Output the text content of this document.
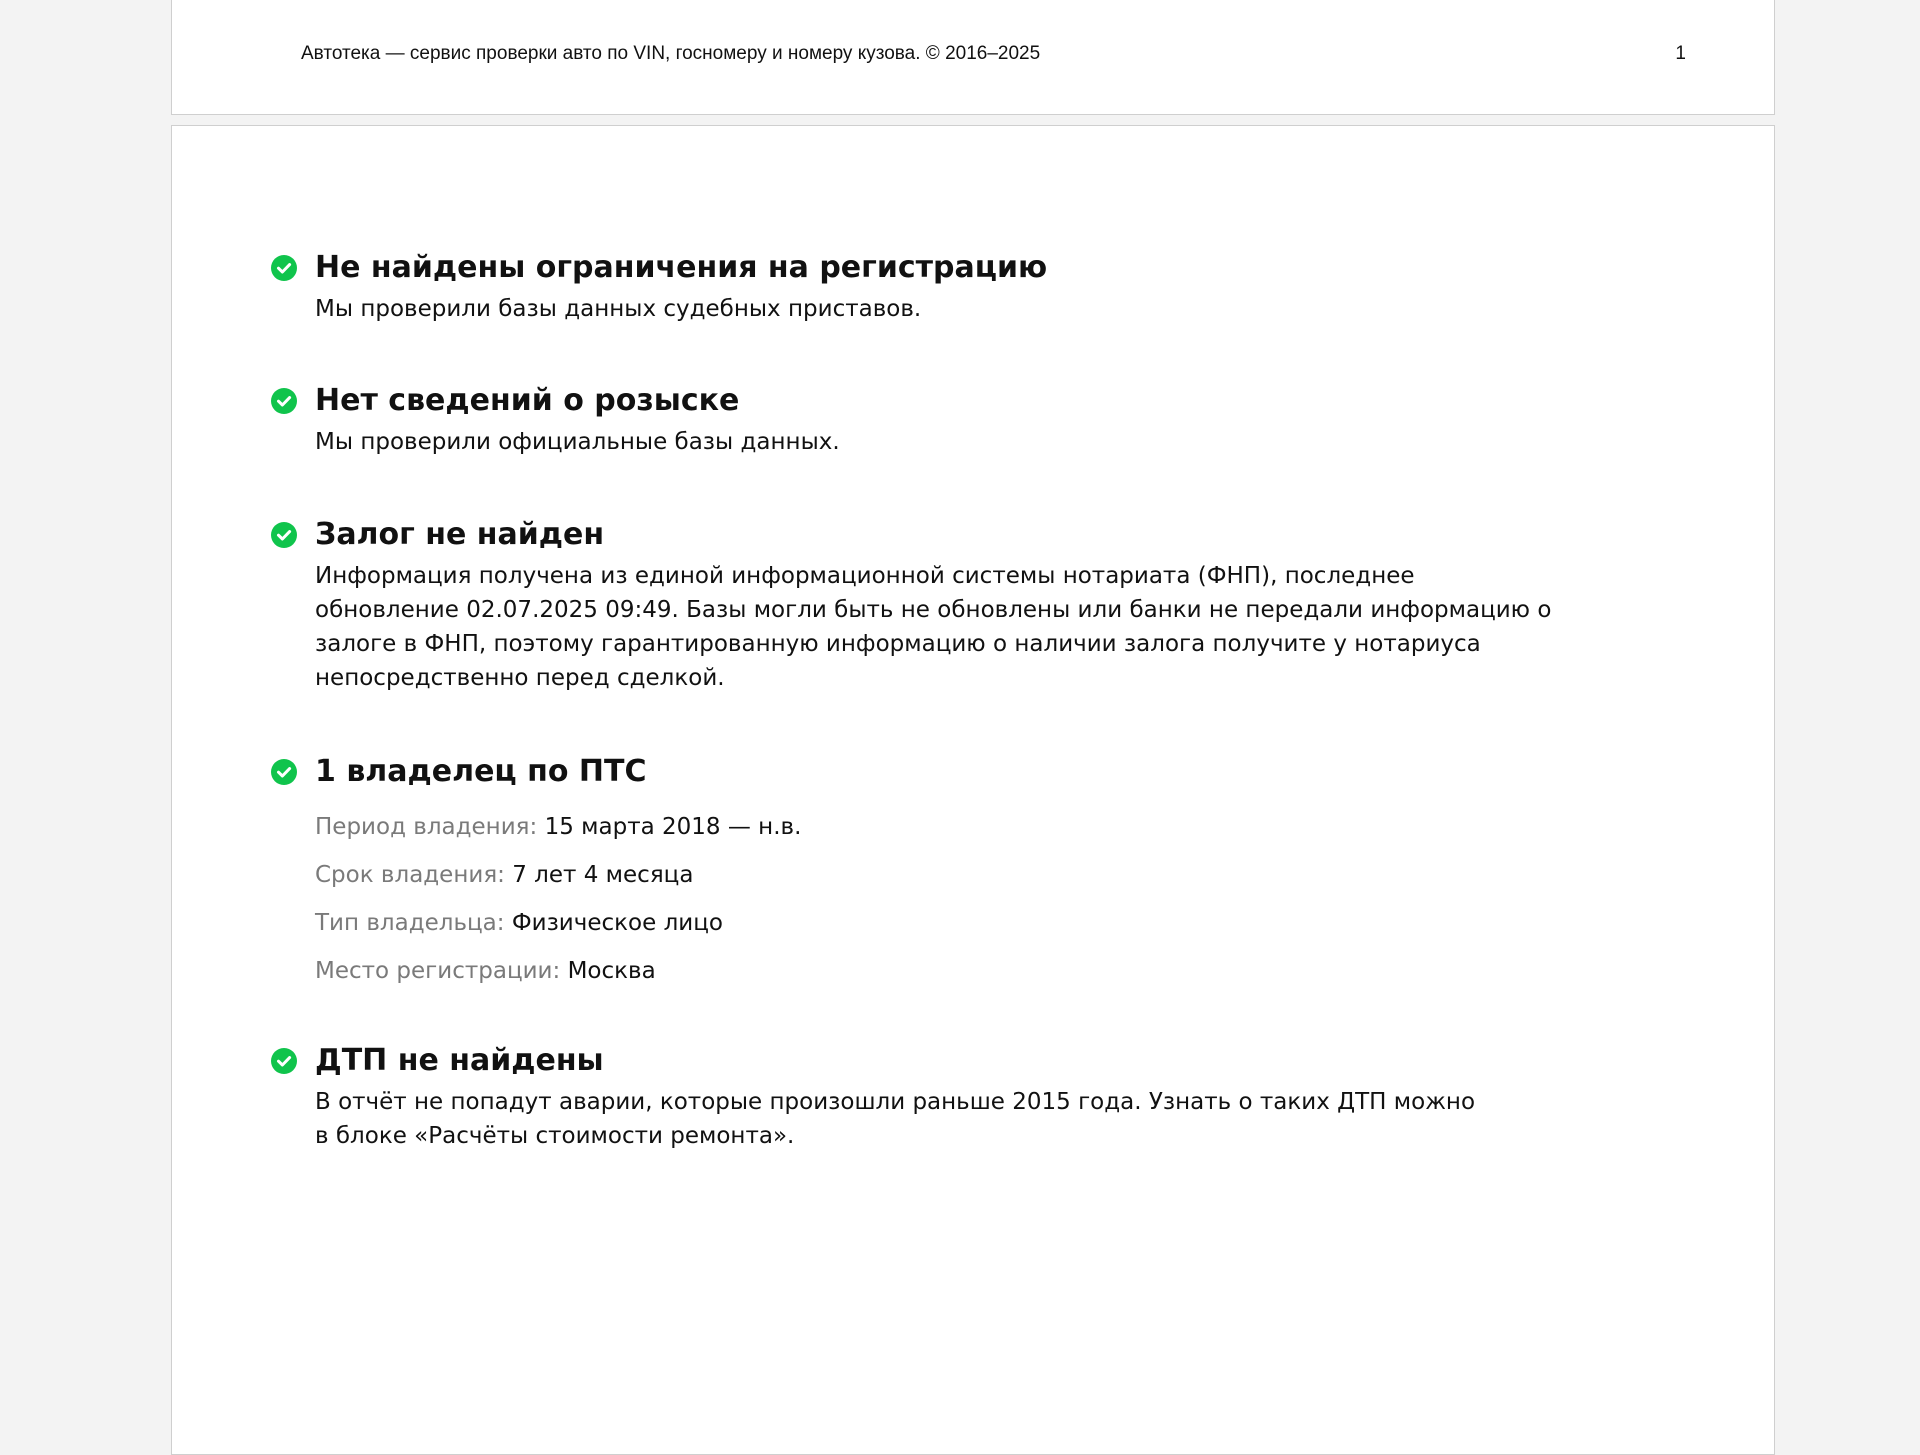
Автотека — сервис проверки авто по VIN, госномеру и номеру кузова. © 2016–2025	1
Не найдены ограничения на регистрацию

Мы проверили базы данных судебных приставов.

Нет сведений о розыске

Мы проверили официальные базы данных.

Залог не найден

Информация получена из единой информационной системы нотариата (ФНП), последнее

обновление 02.07.2025 09:49. Базы могли быть не обновлены или банки не передали информацию о

залоге в ФНП, поэтому гарантированную информацию о наличии залога получите у нотариуса

непосредственно перед сделкой.

1 владелец по ПТС
Период владения: 15 марта 2018 — н.в.
Срок владения: 7 лет 4 месяца
Тип владельца: Физическое лицо
Место регистрации: Москва
ДТП не найдены

В отчёт не попадут аварии, которые произошли раньше 2015 года. Узнать о таких ДТП можно

в блоке «Расчёты стоимости ремонта».
